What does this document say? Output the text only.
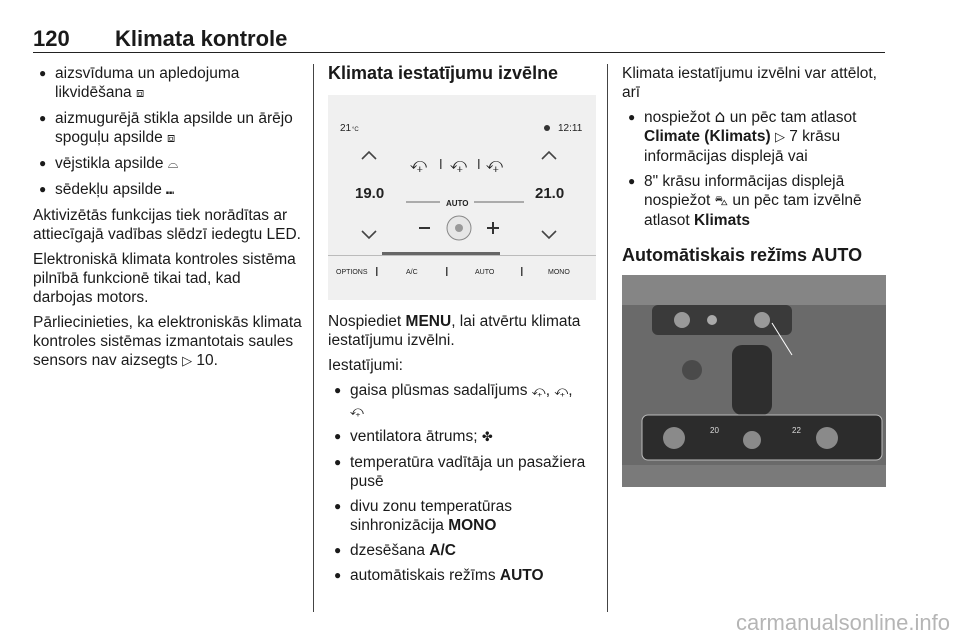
120 Klimata kontrole
● aizsvīduma un apledojuma likvidēšana ⧈
● aizmugurējā stikla apsilde un ārējo spoguļu apsilde ⧈
● vējstikla apsilde ⌓
● sēdekļu apsilde ⑉

Aktivizētās funkcijas tiek norādītas ar attiecīgajā vadības slēdzī iedegtu LED.

Elektroniskā klimata kontroles sistēma pilnībā funkcionē tikai tad, kad darbojas motors.

Pārliecinieties, ka elektroniskās klimata kontroles sistēmas izmantotais saules sensors nav aizsegts ▷ 10.

Klimata iestatījumu izvēlne
21 °C	12:11
19.0
⤽ ⤽ ⤽
AUTO
21.0
OPTIONS	A/C	AUTO	MONO

Nospiediet MENU, lai atvērtu klimata iestatījumu izvēlni.

Iestatījumi:

● gaisa plūsmas sadalījums ⤽, ⤽,
⤽
● ventilatora ātrums; ✤
● temperatūra vadītāja un pasažiera pusē
● divu zonu temperatūras sinhronizācija MONO
● dzesēšana A/C
● automātiskais režīms AUTO

Klimata iestatījumu izvēlni var attēlot, arī

● nospiežot ⌂ un pēc tam atlasot Climate (Klimats) ▷ 7 krāsu informācijas displejā vai
● 8" krāsu informācijas displejā nospiežot ⛍ un pēc tam izvēlnē atlasot Klimats
Automātiskais režīms AUTO
20	22
carmanualsonline.info
